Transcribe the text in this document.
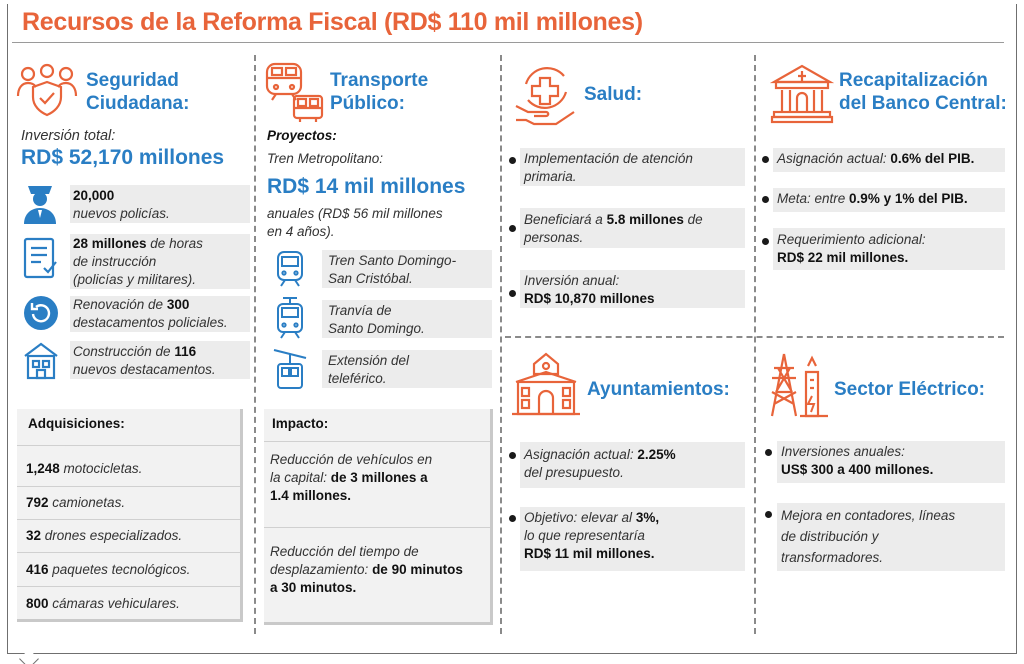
Recursos de la Reforma Fiscal (RD$ 110 mil millones)
Seguridad
Ciudadana:
Inversión total:
RD$ 52,170 millones
20,000
nuevos policías.
28 millones de horas
de instrucción
(policías y militares).
Renovación de 300
destacamentos policiales.
Construcción de 116
nuevos destacamentos.
Adquisiciones:
1,248 motocicletas.
792 camionetas.
32 drones especializados.
416 paquetes tecnológicos.
800 cámaras vehiculares.
Transporte
Público:
Proyectos:
Tren Metropolitano:
RD$ 14 mil millones
anuales (RD$ 56 mil millones
en 4 años).
Tren Santo Domingo-
San Cristóbal.
Tranvía de
Santo Domingo.
Extensión del
teleférico.
Impacto:
Reducción de vehículos en
la capital: de 3 millones a
1.4 millones.
Reducción del tiempo de
desplazamiento: de 90 minutos
a 30 minutos.
Salud:
Implementación de atención
primaria.
Beneficiará a 5.8 millones de
personas.
Inversión anual:
RD$ 10,870 millones
Ayuntamientos:
Asignación actual: 2.25%
del presupuesto.
Objetivo: elevar al 3%,
lo que representaría
RD$ 11 mil millones.
Recapitalización
del Banco Central:
Asignación actual: 0.6% del PIB.
Meta: entre 0.9% y 1% del PIB.
Requerimiento adicional:
RD$ 22 mil millones.
Sector Eléctrico:
Inversiones anuales:
US$ 300 a 400 millones.
Mejora en contadores, líneas
de distribución y
transformadores.
